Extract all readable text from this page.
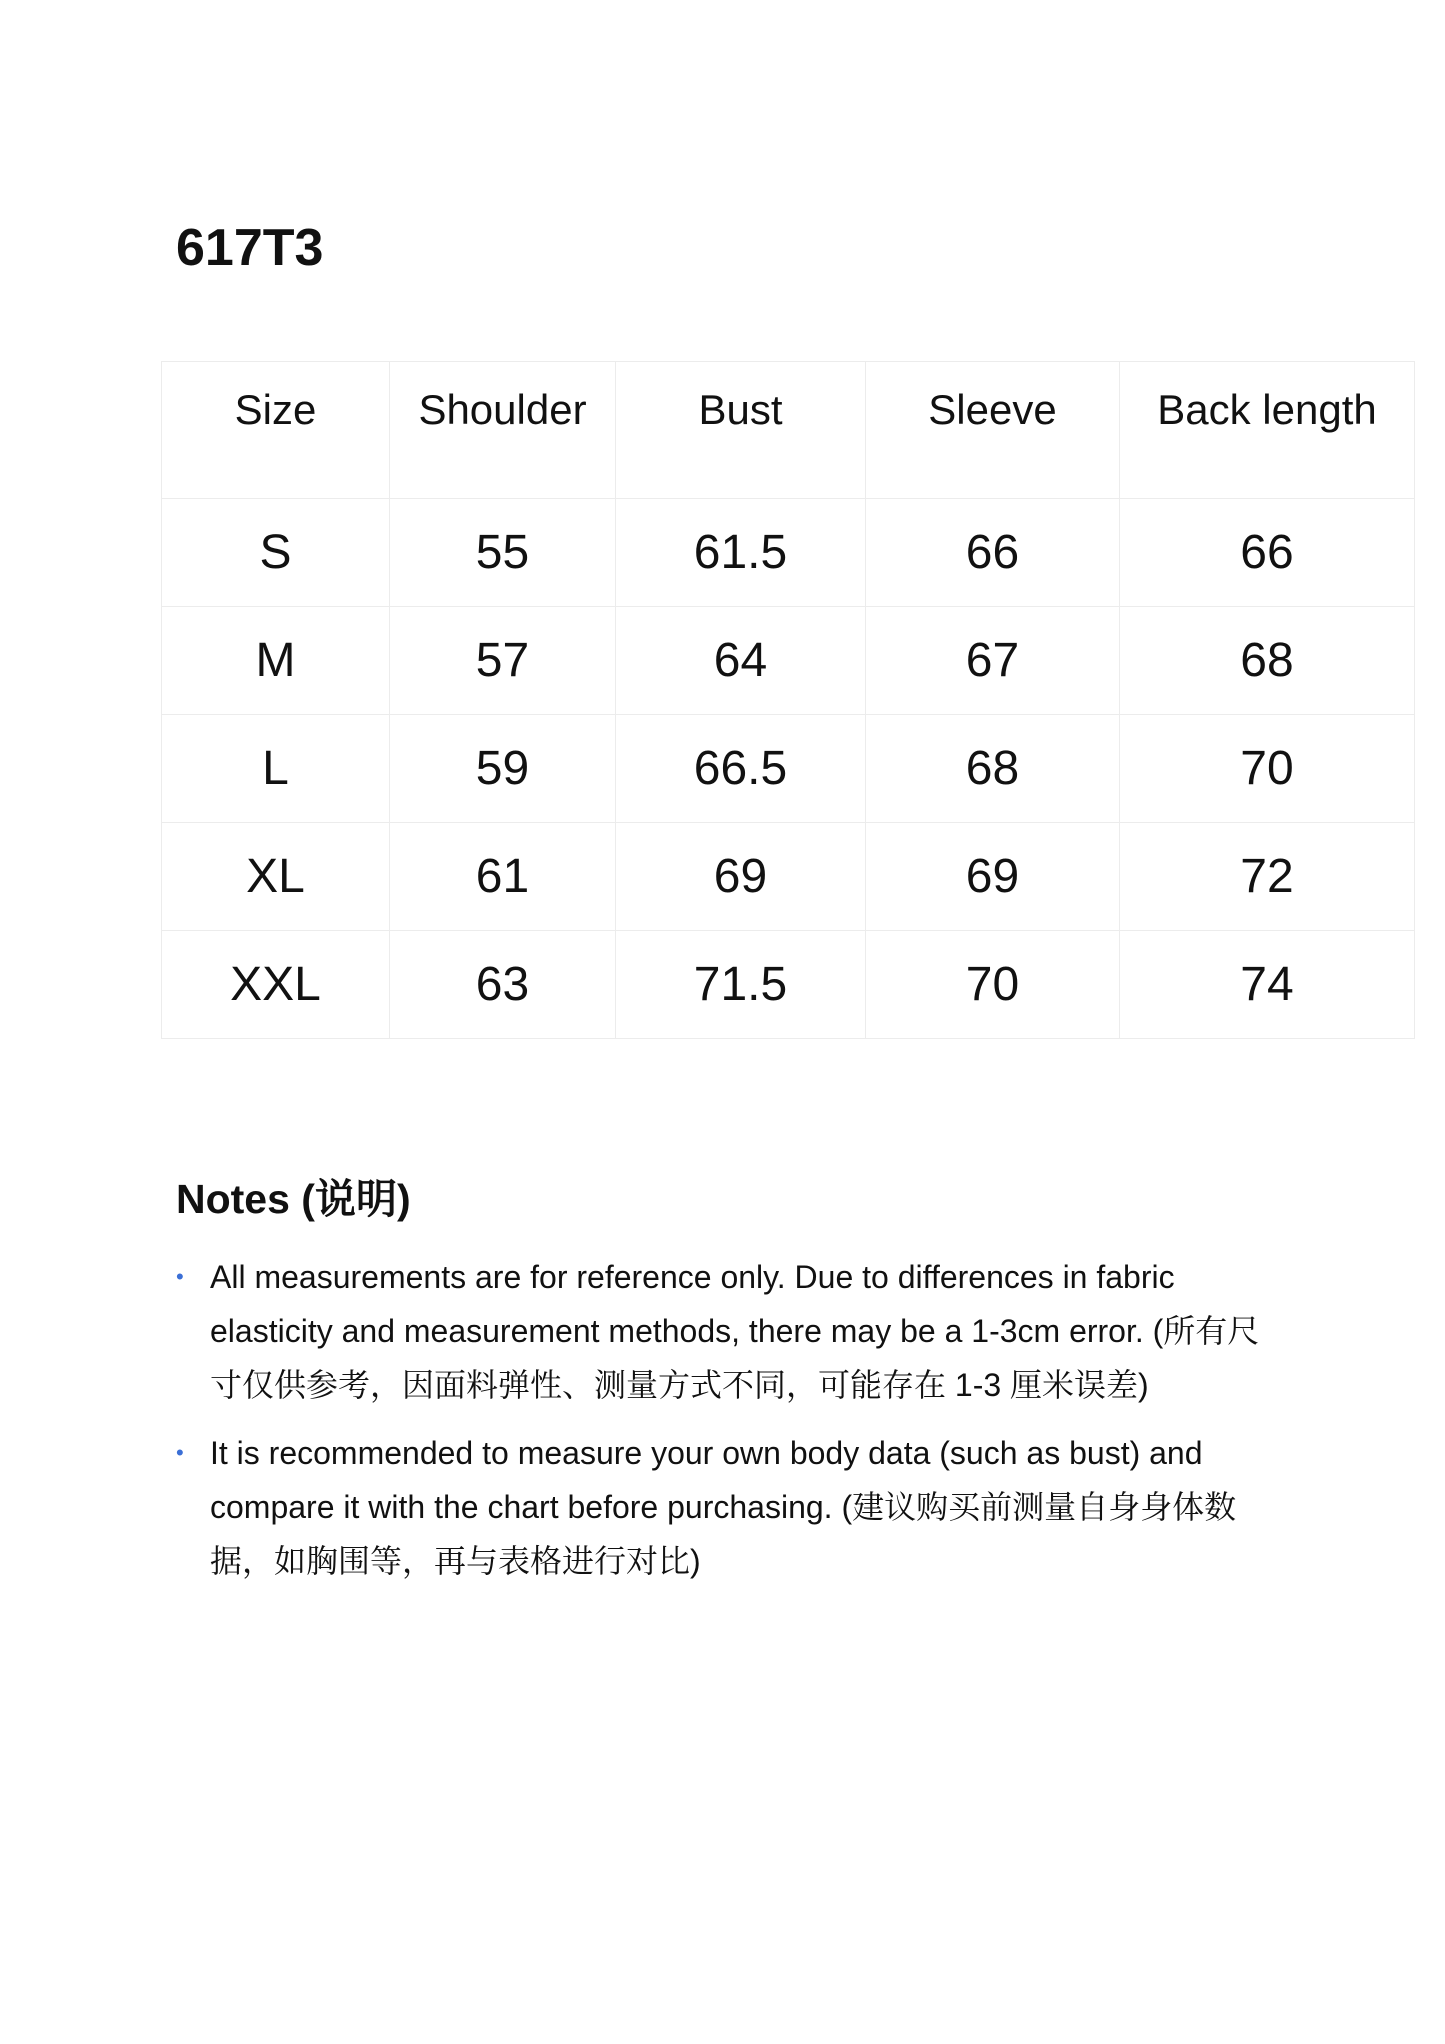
617T3
Size	Shoulder	Bust	Sleeve	Back length
S	55	61.5	66	66
M	57	64	67	68
L	59	66.5	68	70
XL	61	69	69	72
XXL	63	71.5	70	74
Notes (说明)
• All measurements are for reference only. Due to differences in fabric elasticity and measurement methods, there may be a 1-3cm error. (所有尺寸仅供参考，因面料弹性、测量方式不同，可能存在 1-3 厘米误差)
• It is recommended to measure your own body data (such as bust) and compare it with the chart before purchasing. (建议购买前测量自身身体数据，如胸围等，再与表格进行对比)
